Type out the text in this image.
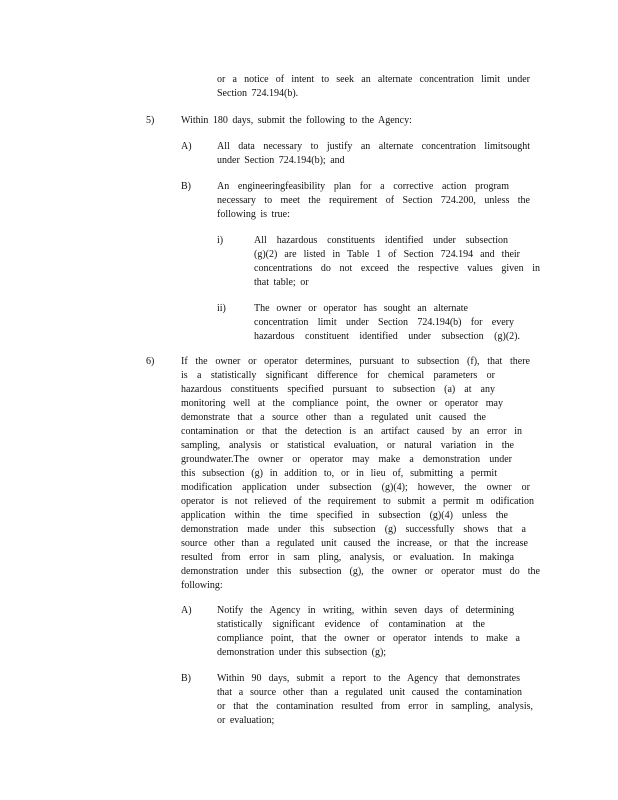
or a notice of intent to seek an alternate concentration limit under
Section 724.194(b).
5)	Within 180 days, submit the following to the Agency:
A)	All data necessary to justify an alternate concentration limitsought
under Section 724.194(b); and
B)	An engineeringfeasibility plan for a corrective action program
necessary to meet the requirement of Section 724.200, unless the
following is true:
i)	All hazardous constituents identified under subsection
(g)(2) are listed in Table 1 of Section 724.194 and their
concentrations do not exceed the respective values given in
that table; or
ii)	The owner or operator has sought an alternate
concentration limit under Section 724.194(b) for every
hazardous constituent identified under subsection (g)(2).
6)	If the owner or operator determines, pursuant to subsection (f), that there
is a statistically significant difference for chemical parameters or
hazardous constituents specified pursuant to subsection (a) at any
monitoring well at the compliance point, the owner or operator may
demonstrate that a source other than a regulated unit caused the
contamination or that the detection is an artifact caused by an error in
sampling, analysis or statistical evaluation, or natural variation in the
groundwater.The owner or operator may make a demonstration under
this subsection (g) in addition to, or in lieu of, submitting a permit
modification application under subsection (g)(4); however, the owner or
operator is not relieved of the requirement to submit a permit m odification
application within the time specified in subsection (g)(4) unless the
demonstration made under this subsection (g) successfully shows that a
source other than a regulated unit caused the increase, or that the increase
resulted from error in sam pling, analysis, or evaluation. In makinga
demonstration under this subsection (g), the owner or operator must do the
following:
A)	Notify the Agency in writing, within seven days of determining
statistically significant evidence of contamination at the
compliance point, that the owner or operator intends to make a
demonstration under this subsection (g);
B)	Within 90 days, submit a report to the Agency that demonstrates
that a source other than a regulated unit caused the contamination
or that the contamination resulted from error in sampling, analysis,
or evaluation;
